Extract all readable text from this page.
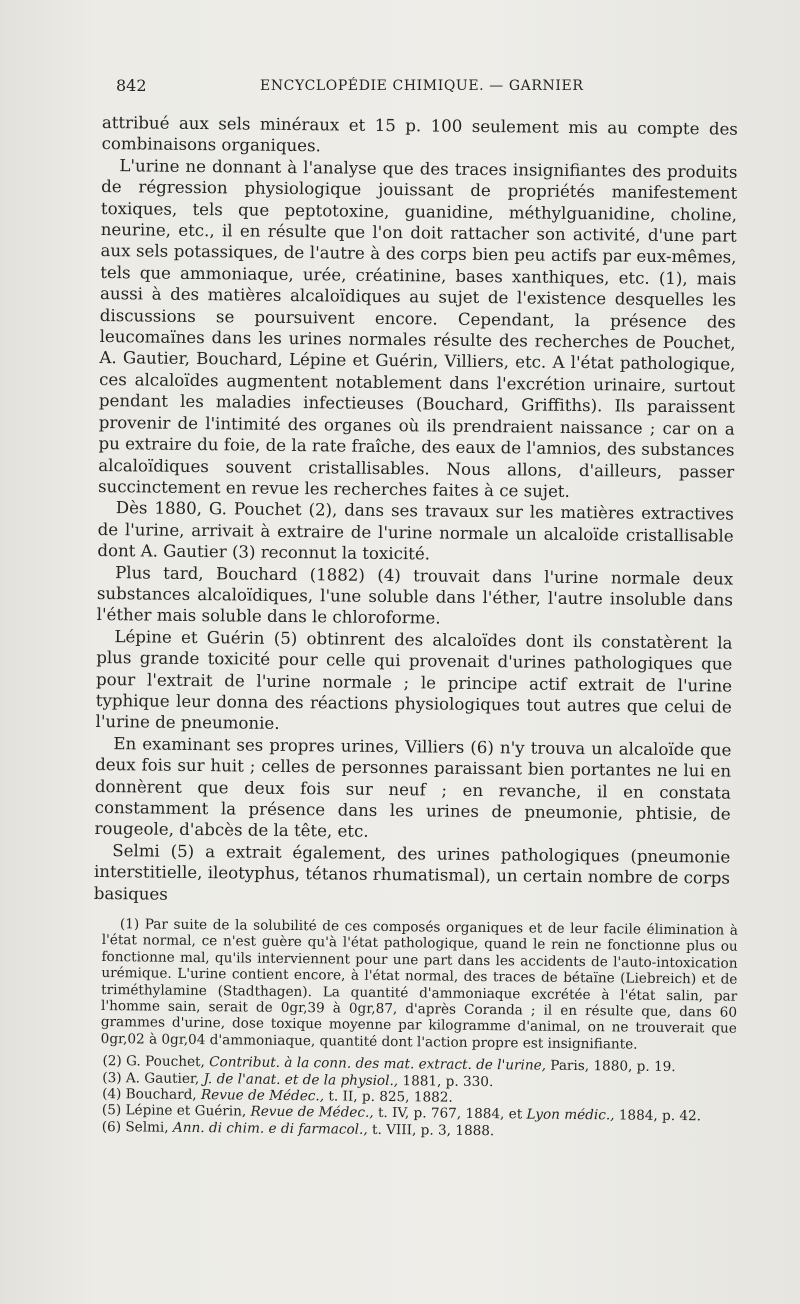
842	ENCYCLOPÉDIE CHIMIQUE. — GARNIER

attribué aux sels minéraux et 15 p. 100 seulement mis au compte des combinaisons organiques.

L'urine ne donnant à l'analyse que des traces insignifiantes des produits de régression physiologique jouissant de propriétés manifestement toxiques, tels que peptotoxine, guanidine, méthylguanidine, choline, neurine, etc., il en résulte que l'on doit rattacher son activité, d'une part aux sels potassiques, de l'autre à des corps bien peu actifs par eux-mêmes, tels que ammoniaque, urée, créatinine, bases xanthiques, etc. (1), mais aussi à des matières alcaloïdiques au sujet de l'existence desquelles les discussions se poursuivent encore. Cependant, la présence des leucomaïnes dans les urines normales résulte des recherches de Pouchet, A. Gautier, Bouchard, Lépine et Guérin, Villiers, etc. A l'état pathologique, ces alcaloïdes augmentent notablement dans l'excrétion urinaire, surtout pendant les maladies infectieuses (Bouchard, Griffiths). Ils paraissent provenir de l'intimité des organes où ils prendraient naissance ; car on a pu extraire du foie, de la rate fraîche, des eaux de l'amnios, des substances alcaloïdiques souvent cristallisables. Nous allons, d'ailleurs, passer succinctement en revue les recherches faites à ce sujet.

Dès 1880, G. Pouchet (2), dans ses travaux sur les matières extractives de l'urine, arrivait à extraire de l'urine normale un alcaloïde cristallisable dont A. Gautier (3) reconnut la toxicité.

Plus tard, Bouchard (1882) (4) trouvait dans l'urine normale deux substances alcaloïdiques, l'une soluble dans l'éther, l'autre insoluble dans l'éther mais soluble dans le chloroforme.

Lépine et Guérin (5) obtinrent des alcaloïdes dont ils constatèrent la plus grande toxicité pour celle qui provenait d'urines pathologiques que pour l'extrait de l'urine normale ; le principe actif extrait de l'urine typhique leur donna des réactions physiologiques tout autres que celui de l'urine de pneumonie.

En examinant ses propres urines, Villiers (6) n'y trouva un alcaloïde que deux fois sur huit ; celles de personnes paraissant bien portantes ne lui en donnèrent que deux fois sur neuf ; en revanche, il en constata constamment la présence dans les urines de pneumonie, phtisie, de rougeole, d'abcès de la tête, etc.

Selmi (5) a extrait également, des urines pathologiques (pneumonie interstitielle, ileotyphus, tétanos rhumatismal), un certain nombre de corps basiques

(1) Par suite de la solubilité de ces composés organiques et de leur facile élimination à l'état normal, ce n'est guère qu'à l'état pathologique, quand le rein ne fonctionne plus ou fonctionne mal, qu'ils interviennent pour une part dans les accidents de l'auto-intoxication urémique. L'urine contient encore, à l'état normal, des traces de bétaïne (Liebreich) et de triméthylamine (Stadthagen). La quantité d'ammoniaque excrétée à l'état salin, par l'homme sain, serait de 0gr,39 à 0gr,87, d'après Coranda ; il en résulte que, dans 60 grammes d'urine, dose toxique moyenne par kilogramme d'animal, on ne trouverait que 0gr,02 à 0gr,04 d'ammoniaque, quantité dont l'action propre est insignifiante.

(2) G. Pouchet, Contribut. à la conn. des mat. extract. de l'urine, Paris, 1880, p. 19.

(3) A. Gautier, J. de l'anat. et de la physiol., 1881, p. 330.

(4) Bouchard, Revue de Médec., t. II, p. 825, 1882.

(5) Lépine et Guérin, Revue de Médec., t. IV, p. 767, 1884, et Lyon médic., 1884, p. 42.

(6) Selmi, Ann. di chim. e di farmacol., t. VIII, p. 3, 1888.
